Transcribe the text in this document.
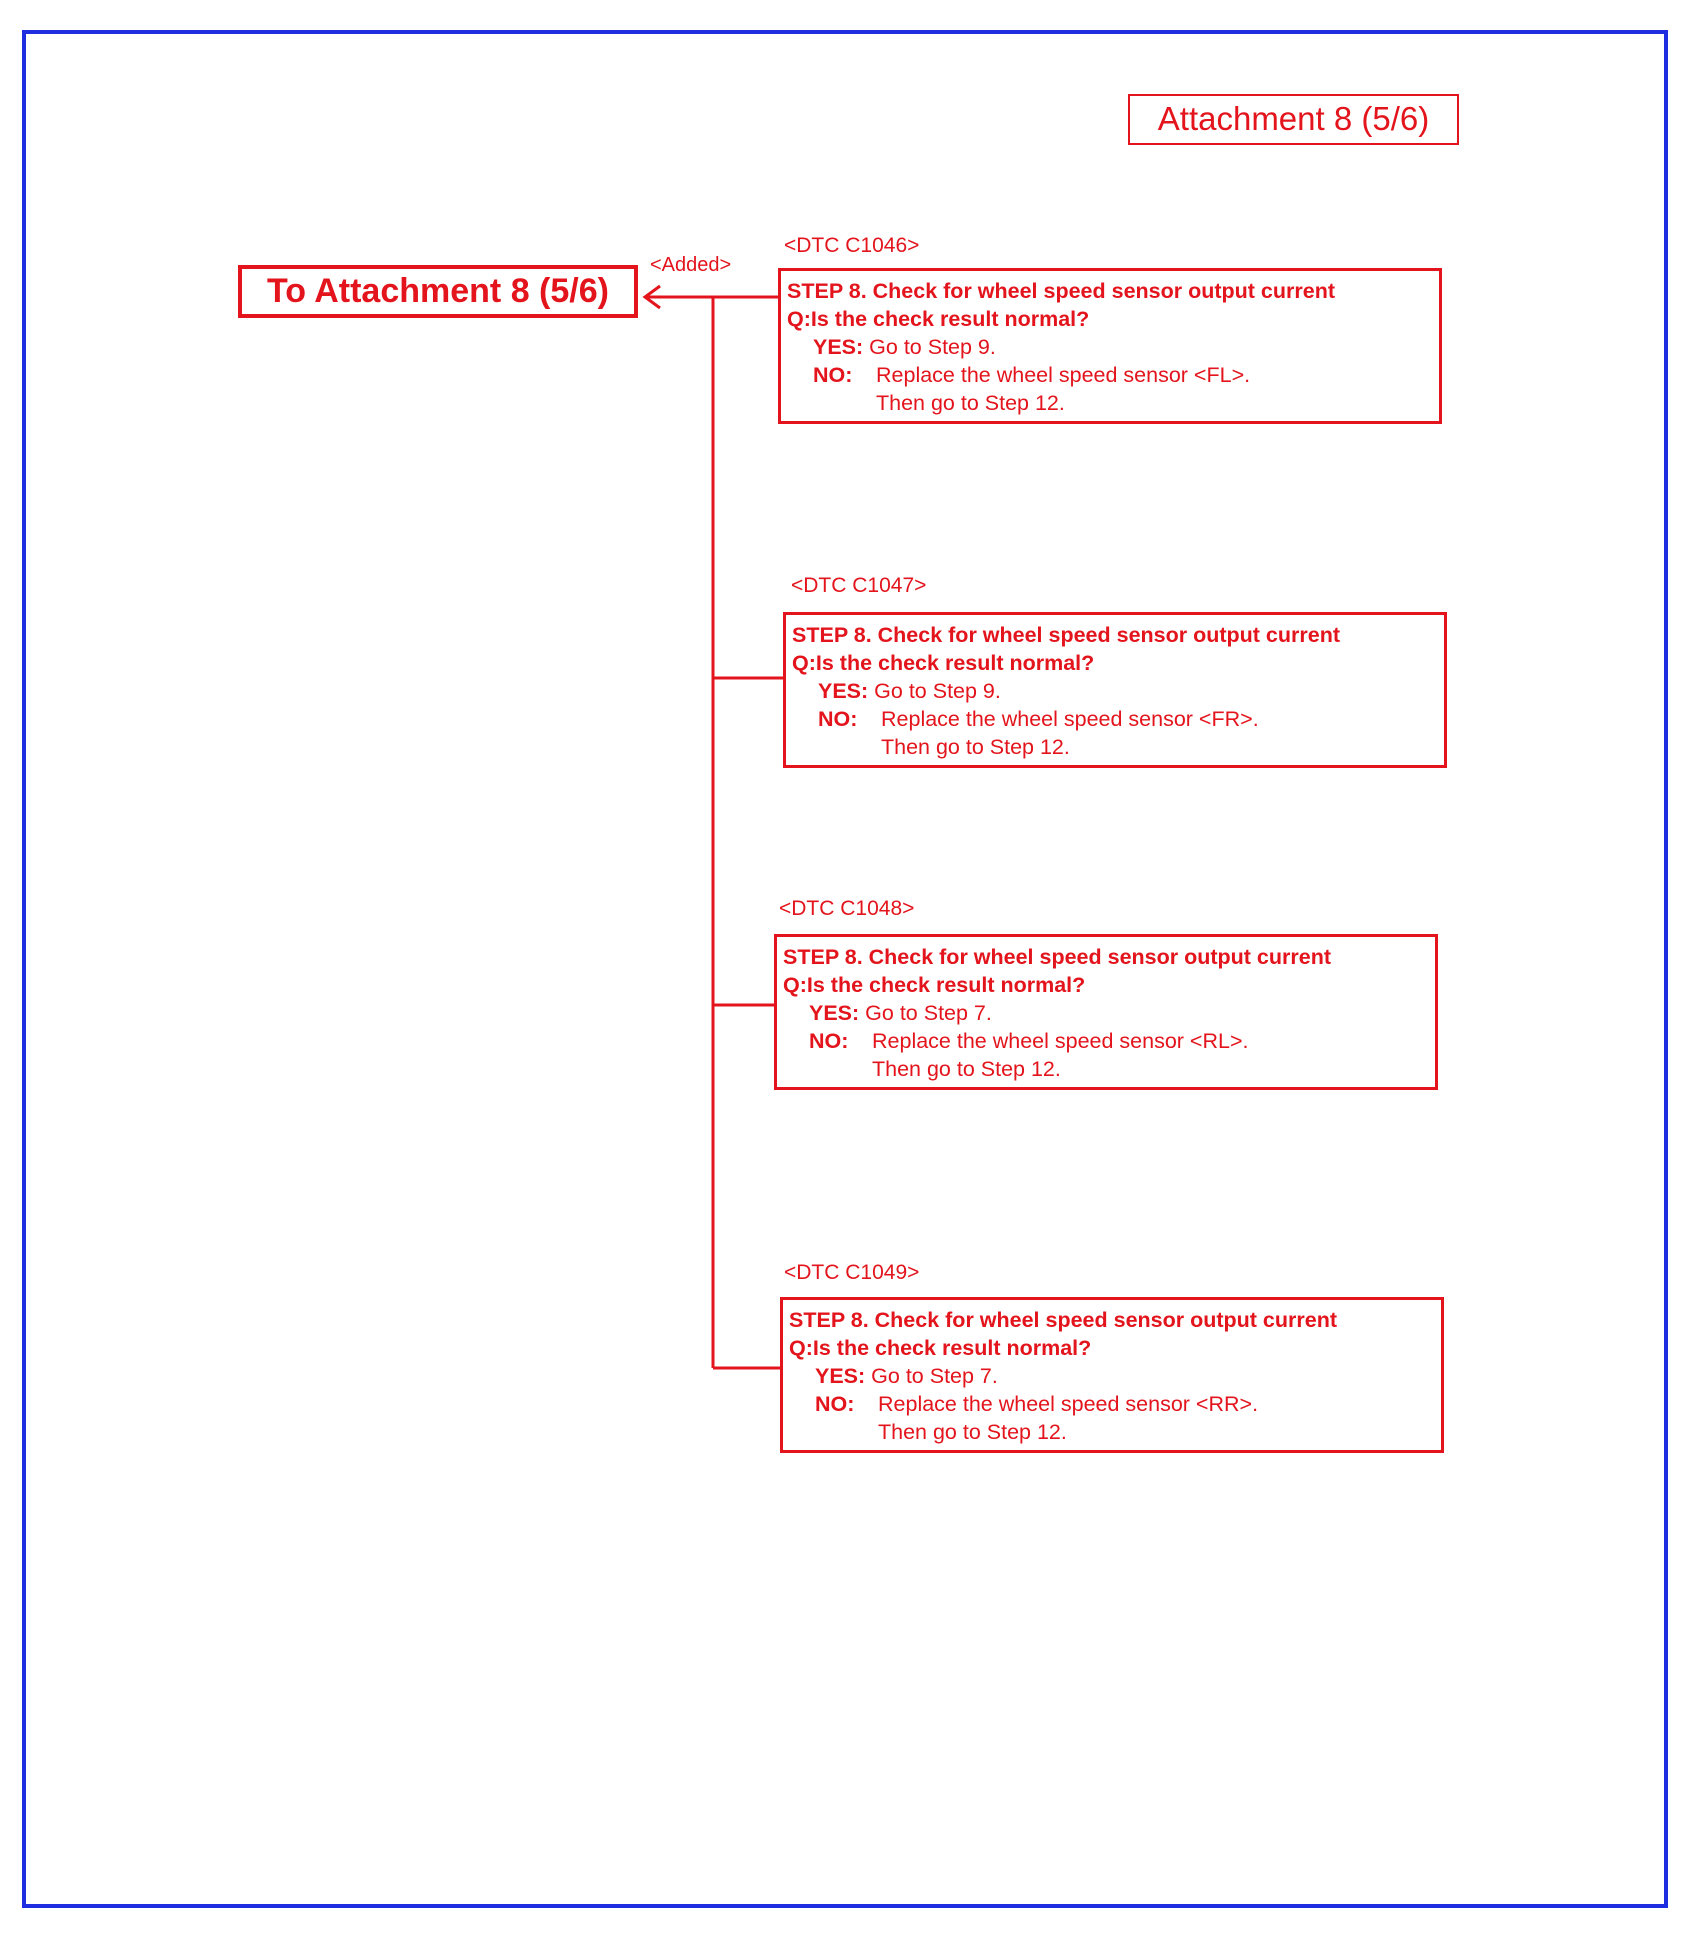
Attachment 8 (5/6)
To Attachment 8 (5/6)
<Added>
<DTC C1046>
STEP 8. Check for wheel speed sensor output current
Q:Is the check result normal?
YES: Go to Step 9.
NO: Replace the wheel speed sensor <FL>.
Then go to Step 12.
<DTC C1047>
STEP 8. Check for wheel speed sensor output current
Q:Is the check result normal?
YES: Go to Step 9.
NO: Replace the wheel speed sensor <FR>.
Then go to Step 12.
<DTC C1048>
STEP 8. Check for wheel speed sensor output current
Q:Is the check result normal?
YES: Go to Step 7.
NO: Replace the wheel speed sensor <RL>.
Then go to Step 12.
<DTC C1049>
STEP 8. Check for wheel speed sensor output current
Q:Is the check result normal?
YES: Go to Step 7.
NO: Replace the wheel speed sensor <RR>.
Then go to Step 12.
